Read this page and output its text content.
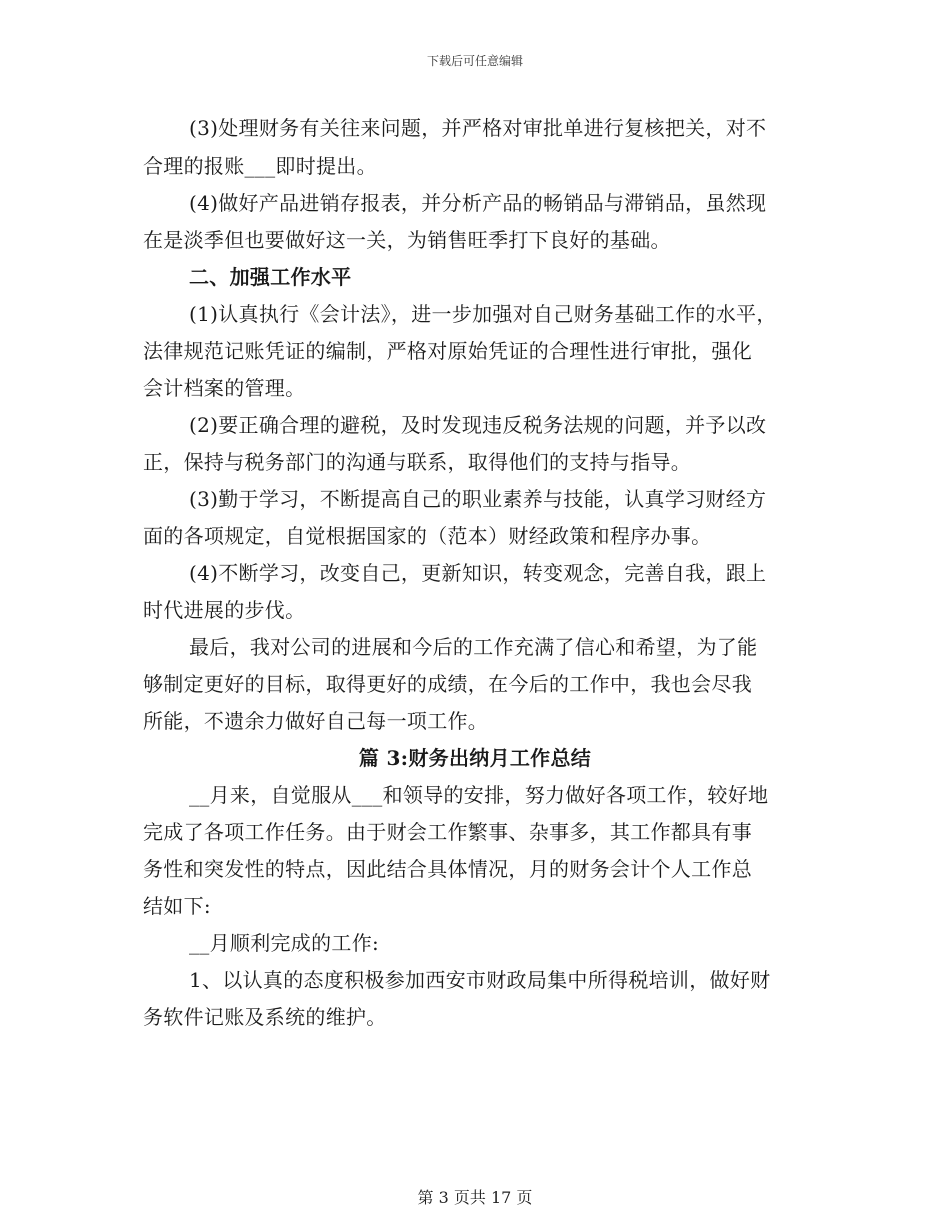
下载后可任意编辑
(3)处理财务有关往来问题，并严格对审批单进行复核把关，对不
合理的报账___即时提出。
(4)做好产品进销存报表，并分析产品的畅销品与滞销品，虽然现
在是淡季但也要做好这一关，为销售旺季打下良好的基础。
二、加强工作水平
(1)认真执行《会计法》，进一步加强对自己财务基础工作的水平，
法律规范记账凭证的编制，严格对原始凭证的合理性进行审批，强化
会计档案的管理。
(2)要正确合理的避税，及时发现违反税务法规的问题，并予以改
正，保持与税务部门的沟通与联系，取得他们的支持与指导。
(3)勤于学习，不断提高自己的职业素养与技能，认真学习财经方
面的各项规定，自觉根据国家的（范本）财经政策和程序办事。
(4)不断学习，改变自己，更新知识，转变观念，完善自我，跟上
时代进展的步伐。
最后，我对公司的进展和今后的工作充满了信心和希望，为了能
够制定更好的目标，取得更好的成绩，在今后的工作中，我也会尽我
所能，不遗余力做好自己每一项工作。
篇 3:财务出纳月工作总结
__月来，自觉服从___和领导的安排，努力做好各项工作，较好地
完成了各项工作任务。由于财会工作繁事、杂事多，其工作都具有事
务性和突发性的特点，因此结合具体情况，月的财务会计个人工作总
结如下:
__月顺利完成的工作:
1、以认真的态度积极参加西安市财政局集中所得税培训，做好财
务软件记账及系统的维护。
第 3 页共 17 页
